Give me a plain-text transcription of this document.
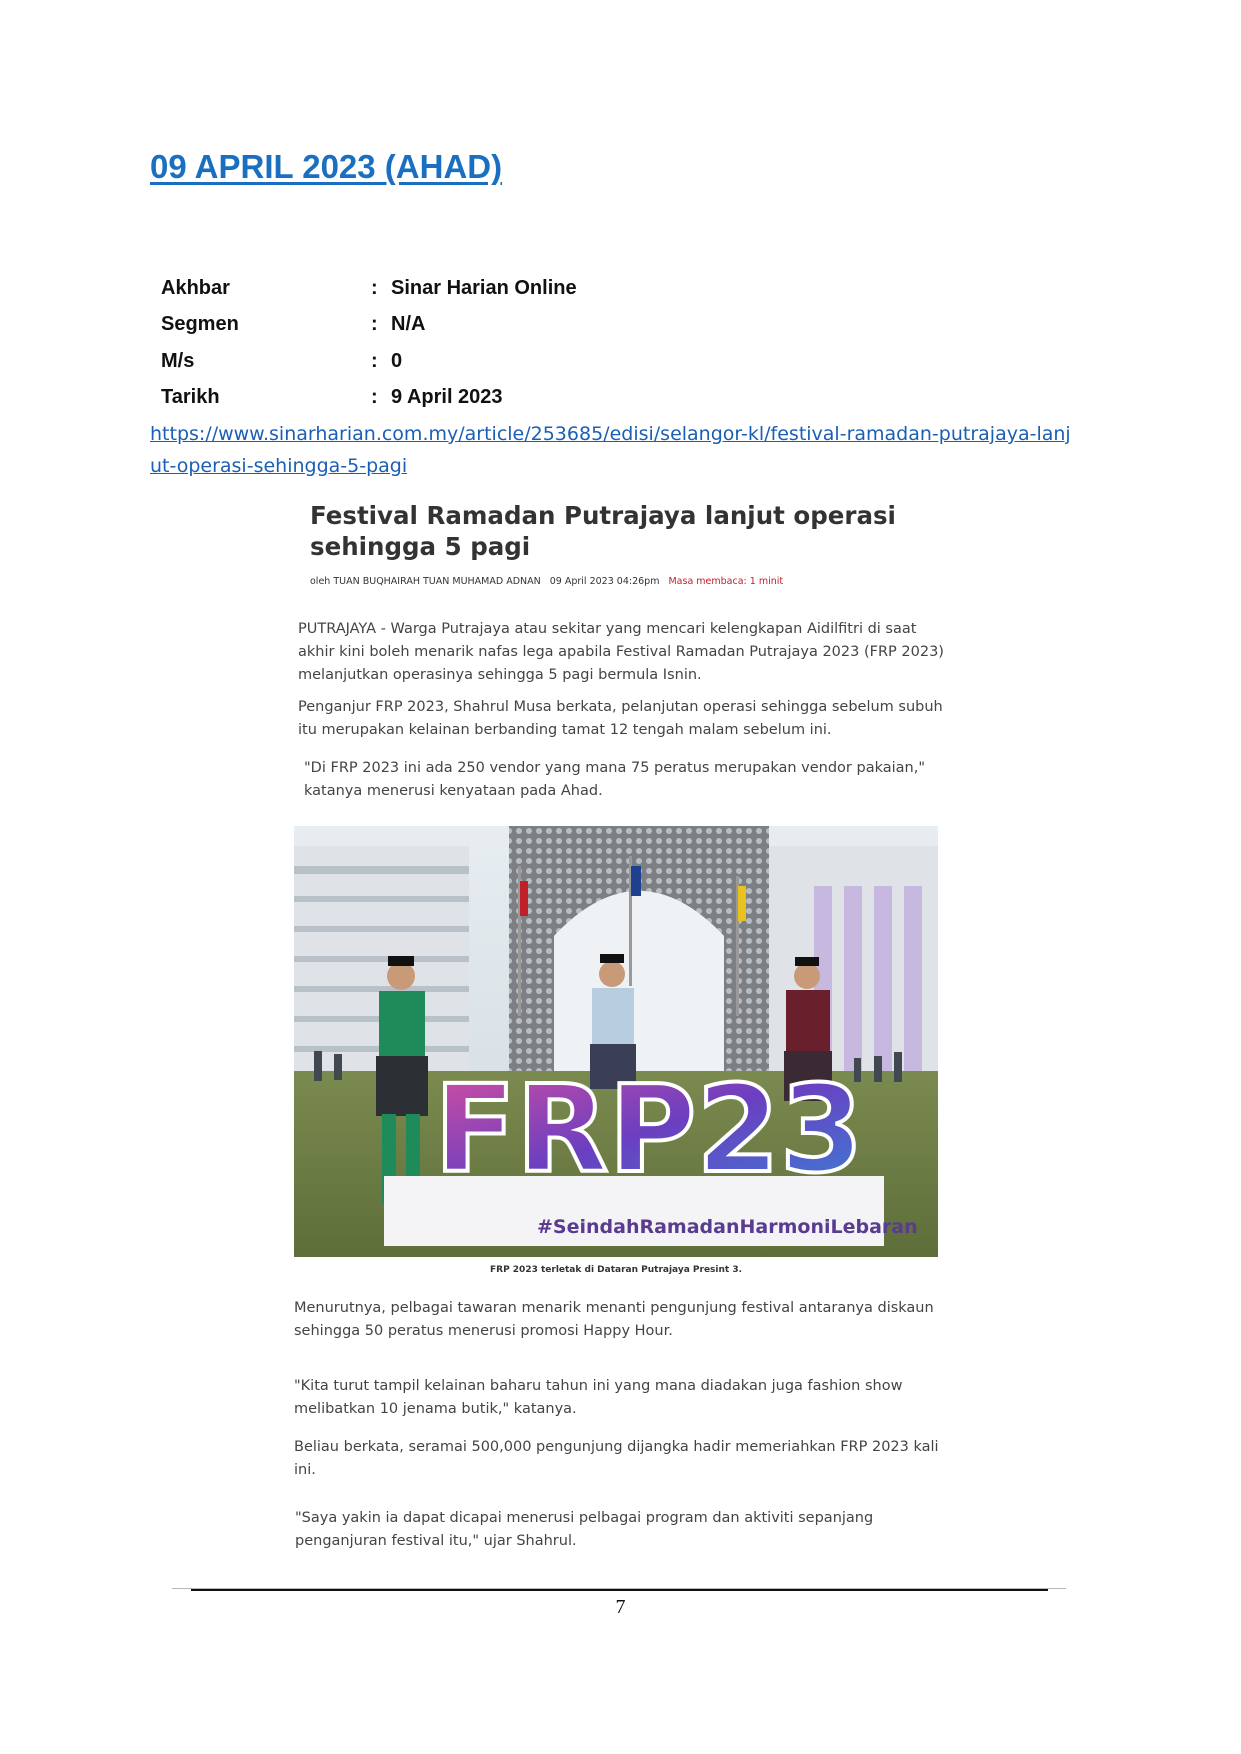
09 APRIL 2023 (AHAD)
Akhbar	: Sinar Harian Online
Segmen	: N/A
M/s	: 0
Tarikh	: 9 April 2023
https://www.sinarharian.com.my/article/253685/edisi/selangor-kl/festival-ramadan-putrajaya-lanjut-operasi-sehingga-5-pagi
Festival Ramadan Putrajaya lanjut operasi sehingga 5 pagi
oleh TUAN BUQHAIRAH TUAN MUHAMAD ADNAN 09 April 2023 04:26pm Masa membaca: 1 minit

PUTRAJAYA - Warga Putrajaya atau sekitar yang mencari kelengkapan Aidilfitri di saat akhir kini boleh menarik nafas lega apabila Festival Ramadan Putrajaya 2023 (FRP 2023) melanjutkan operasinya sehingga 5 pagi bermula Isnin.

Penganjur FRP 2023, Shahrul Musa berkata, pelanjutan operasi sehingga sebelum subuh itu merupakan kelainan berbanding tamat 12 tengah malam sebelum ini.

"Di FRP 2023 ini ada 250 vendor yang mana 75 peratus merupakan vendor pakaian," katanya menerusi kenyataan pada Ahad.

FRP23
#SeindahRamadanHarmoniLebaran
FRP 2023 terletak di Dataran Putrajaya Presint 3.

Menurutnya, pelbagai tawaran menarik menanti pengunjung festival antaranya diskaun sehingga 50 peratus menerusi promosi Happy Hour.

"Kita turut tampil kelainan baharu tahun ini yang mana diadakan juga fashion show melibatkan 10 jenama butik," katanya.

Beliau berkata, seramai 500,000 pengunjung dijangka hadir memeriahkan FRP 2023 kali ini.

"Saya yakin ia dapat dicapai menerusi pelbagai program dan aktiviti sepanjang penganjuran festival itu," ujar Shahrul.

7
